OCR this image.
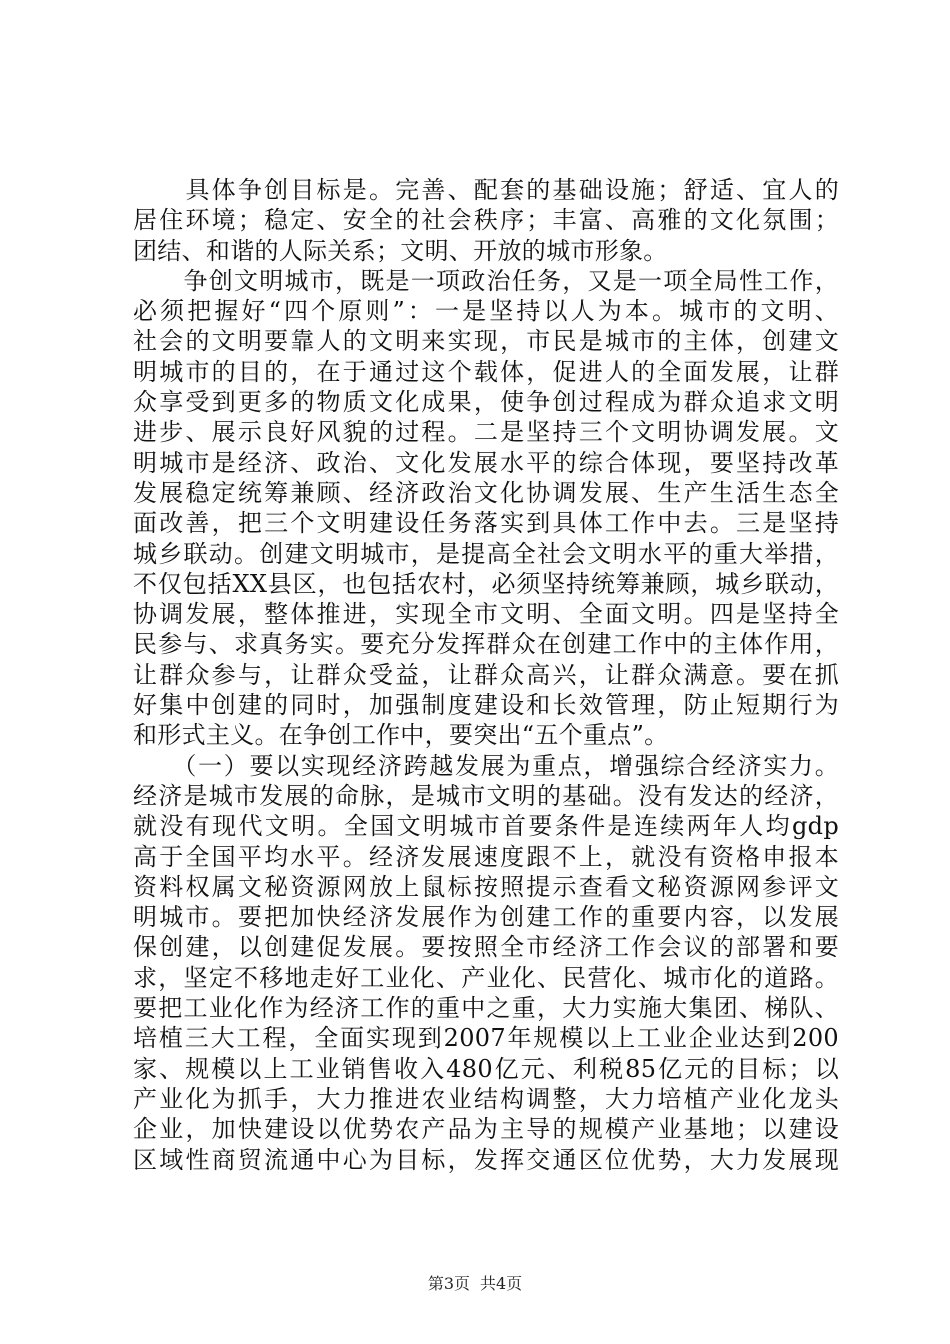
　　具体争创目标是。完善、配套的基础设施；舒适、宜人的
居住环境；稳定、安全的社会秩序；丰富、高雅的文化氛围；
团结、和谐的人际关系；文明、开放的城市形象。
　　争创文明城市，既是一项政治任务，又是一项全局性工作，
必须把握好“四个原则”：一是坚持以人为本。城市的文明、
社会的文明要靠人的文明来实现，市民是城市的主体，创建文
明城市的目的，在于通过这个载体，促进人的全面发展，让群
众享受到更多的物质文化成果，使争创过程成为群众追求文明
进步、展示良好风貌的过程。二是坚持三个文明协调发展。文
明城市是经济、政治、文化发展水平的综合体现，要坚持改革
发展稳定统筹兼顾、经济政治文化协调发展、生产生活生态全
面改善，把三个文明建设任务落实到具体工作中去。三是坚持
城乡联动。创建文明城市，是提高全社会文明水平的重大举措，
不仅包括XX县区，也包括农村，必须坚持统筹兼顾，城乡联动，
协调发展，整体推进，实现全市文明、全面文明。四是坚持全
民参与、求真务实。要充分发挥群众在创建工作中的主体作用，
让群众参与，让群众受益，让群众高兴，让群众满意。要在抓
好集中创建的同时，加强制度建设和长效管理，防止短期行为
和形式主义。在争创工作中，要突出“五个重点”。
　　（一）要以实现经济跨越发展为重点，增强综合经济实力。
经济是城市发展的命脉，是城市文明的基础。没有发达的经济，
就没有现代文明。全国文明城市首要条件是连续两年人均gdp
高于全国平均水平。经济发展速度跟不上，就没有资格申报本
资料权属文秘资源网放上鼠标按照提示查看文秘资源网参评文
明城市。要把加快经济发展作为创建工作的重要内容，以发展
保创建，以创建促发展。要按照全市经济工作会议的部署和要
求，坚定不移地走好工业化、产业化、民营化、城市化的道路。
要把工业化作为经济工作的重中之重，大力实施大集团、梯队、
培植三大工程，全面实现到2007年规模以上工业企业达到200
家、规模以上工业销售收入480亿元、利税85亿元的目标；以
产业化为抓手，大力推进农业结构调整，大力培植产业化龙头
企业，加快建设以优势农产品为主导的规模产业基地；以建设
区域性商贸流通中心为目标，发挥交通区位优势，大力发展现
第3页 共4页
